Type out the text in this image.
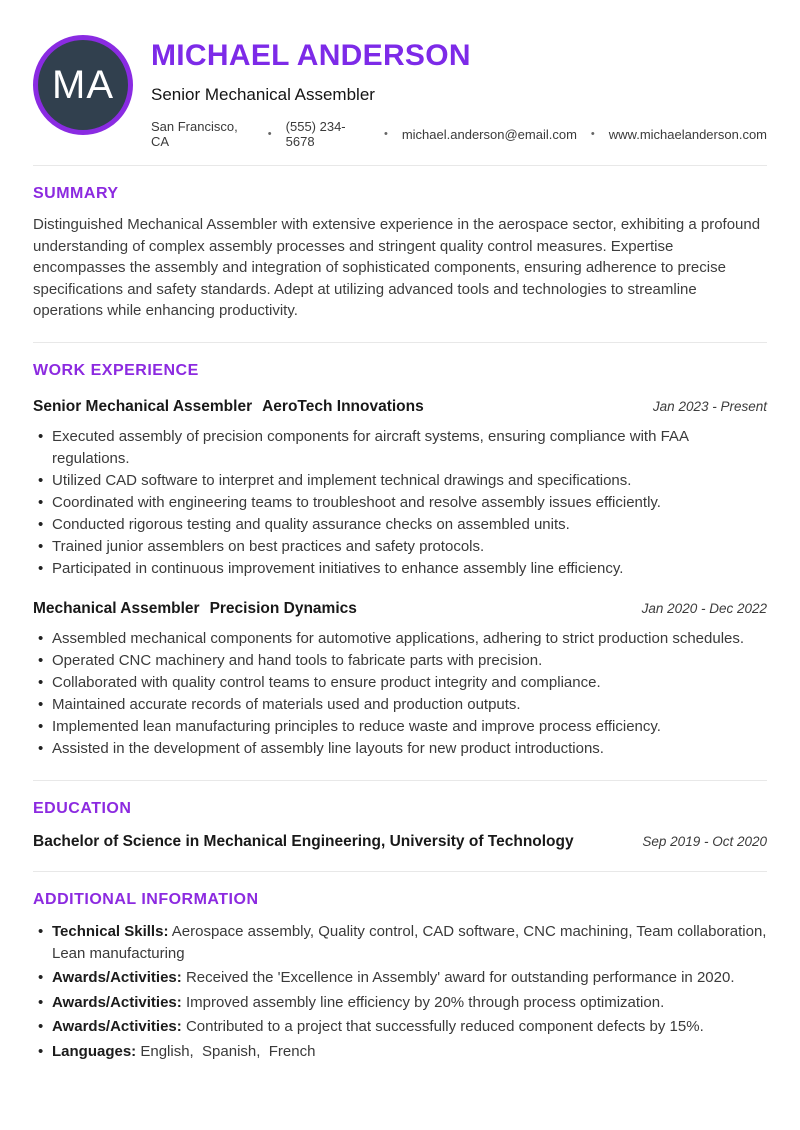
MA
MICHAEL ANDERSON
Senior Mechanical Assembler
San Francisco, CA	• (555) 234-5678	• michael.anderson@email.com • www.michaelanderson.com
SUMMARY

Distinguished Mechanical Assembler with extensive experience in the aerospace sector, exhibiting a profound understanding of complex assembly processes and stringent quality control measures. Expertise encompasses the assembly and integration of sophisticated components, ensuring adherence to precise specifications and safety standards. Adept at utilizing advanced tools and technologies to streamline operations while enhancing productivity.

WORK EXPERIENCE
Senior Mechanical Assembler AeroTech Innovations	Jan 2023 - Present
• Executed assembly of precision components for aircraft systems, ensuring compliance with FAA regulations.
• Utilized CAD software to interpret and implement technical drawings and specifications.
• Coordinated with engineering teams to troubleshoot and resolve assembly issues efficiently.
• Conducted rigorous testing and quality assurance checks on assembled units.
• Trained junior assemblers on best practices and safety protocols.
• Participated in continuous improvement initiatives to enhance assembly line efficiency.
Mechanical Assembler Precision Dynamics	Jan 2020 - Dec 2022
• Assembled mechanical components for automotive applications, adhering to strict production schedules.
• Operated CNC machinery and hand tools to fabricate parts with precision.
• Collaborated with quality control teams to ensure product integrity and compliance.
• Maintained accurate records of materials used and production outputs.
• Implemented lean manufacturing principles to reduce waste and improve process efficiency.
• Assisted in the development of assembly line layouts for new product introductions.
EDUCATION
Bachelor of Science in Mechanical Engineering, University of Technology	Sep 2019 - Oct 2020
ADDITIONAL INFORMATION
• Technical Skills: Aerospace assembly, Quality control, CAD software, CNC machining, Team collaboration, Lean manufacturing
• Awards/Activities: Received the 'Excellence in Assembly' award for outstanding performance in 2020.
• Awards/Activities: Improved assembly line efficiency by 20% through process optimization.
• Awards/Activities: Contributed to a project that successfully reduced component defects by 15%.
• Languages: English,  Spanish,  French
